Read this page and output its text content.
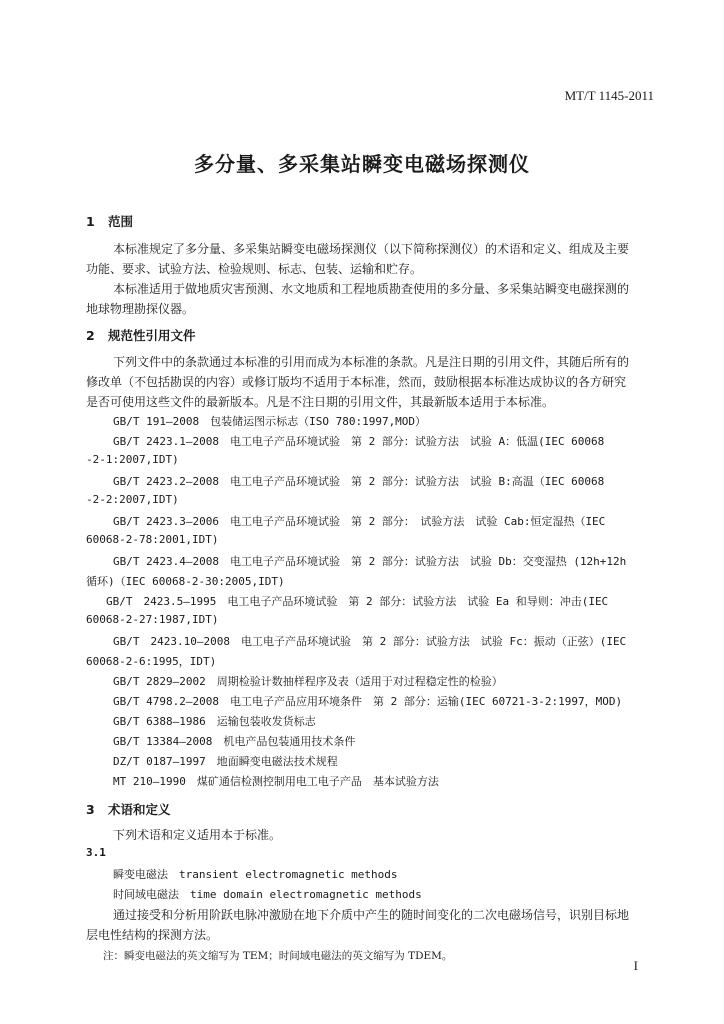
MT/T 1145-2011
多分量、多采集站瞬变电磁场探测仪
1 范围
本标准规定了多分量、多采集站瞬变电磁场探测仪（以下简称探测仪）的术语和定义、组成及主要
功能、要求、试验方法、检验规则、标志、包装、运输和贮存。
本标准适用于做地质灾害预测、水文地质和工程地质勘查使用的多分量、多采集站瞬变电磁探测的
地球物理勘探仪器。
2 规范性引用文件
下列文件中的条款通过本标准的引用而成为本标准的条款。凡是注日期的引用文件，其随后所有的
修改单（不包括勘误的内容）或修订版均不适用于本标准，然而，鼓励根据本标准达成协议的各方研究
是否可使用这些文件的最新版本。凡是不注日期的引用文件，其最新版本适用于本标准。
GB/T 191—2008　包装储运图示标志（ISO 780:1997,MOD）
GB/T 2423.1—2008　电工电子产品环境试验　第 2 部分：试验方法　试验 A：低温(IEC 60068
-2-1:2007,IDT)
GB/T 2423.2—2008　电工电子产品环境试验　第 2 部分：试验方法　试验 B:高温（IEC 60068
-2-2:2007,IDT)
GB/T 2423.3—2006　电工电子产品环境试验　第 2 部分：　试验方法　试验 Cab:恒定湿热（IEC
60068-2-78:2001,IDT)
GB/T 2423.4—2008　电工电子产品环境试验　第 2 部分：试验方法　试验 Db：交变湿热 (12h+12h
循环)（IEC 60068-2-30:2005,IDT)
GB/T　2423.5—1995　电工电子产品环境试验　第 2 部分：试验方法　试验 Ea 和导则：冲击(IEC
60068-2-27:1987,IDT)
GB/T　2423.10—2008　电工电子产品环境试验　第 2 部分：试验方法　试验 Fc：振动（正弦）(IEC
60068-2-6:1995，IDT)
GB/T 2829—2002　周期检验计数抽样程序及表（适用于对过程稳定性的检验）
GB/T 4798.2—2008　电工电子产品应用环境条件　第 2 部分：运输(IEC 60721-3-2:1997，MOD)
GB/T 6388—1986　运输包装收发货标志
GB/T 13384—2008　机电产品包装通用技术条件
DZ/T 0187—1997　地面瞬变电磁法技术规程
MT 210—1990　煤矿通信检测控制用电工电子产品　基本试验方法
3 术语和定义
下列术语和定义适用本于标准。
3.1
瞬变电磁法　transient electromagnetic methods
时间域电磁法　time domain electromagnetic methods
通过接受和分析用阶跃电脉冲激励在地下介质中产生的随时间变化的二次电磁场信号，识别目标地
层电性结构的探测方法。
注：瞬变电磁法的英文缩写为 TEM；时间域电磁法的英文缩写为 TDEM。
I
